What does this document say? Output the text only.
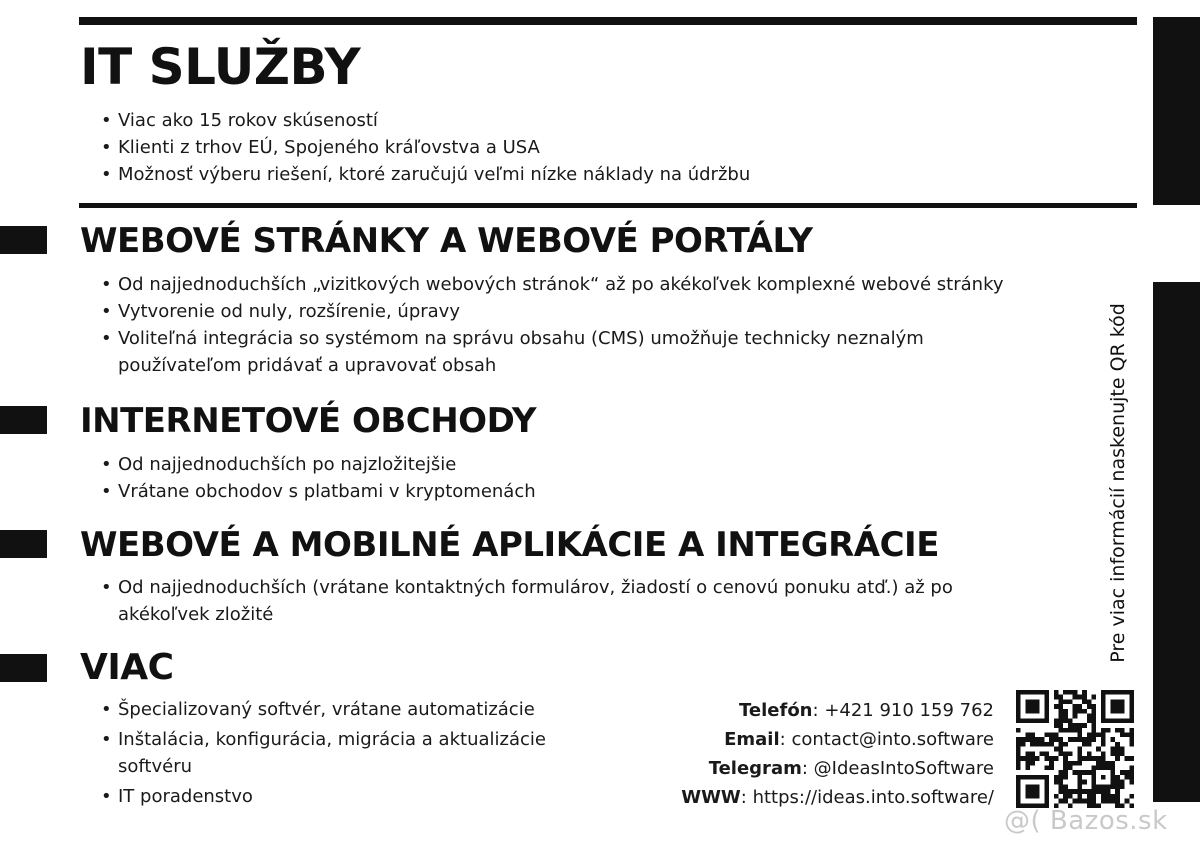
IT SLUŽBY
• Viac ako 15 rokov skúseností
• Klienti z trhov EÚ, Spojeného kráľovstva a USA
• Možnosť výberu riešení, ktoré zaručujú veľmi nízke náklady na údržbu
WEBOVÉ STRÁNKY A WEBOVÉ PORTÁLY
• Od najjednoduchších „vizitkových webových stránok“ až po akékoľvek komplexné webové stránky
• Vytvorenie od nuly, rozšírenie, úpravy
• Voliteľná integrácia so systémom na správu obsahu (CMS) umožňuje technicky neznalým používateľom pridávať a upravovať obsah
INTERNETOVÉ OBCHODY
• Od najjednoduchších po najzložitejšie
• Vrátane obchodov s platbami v kryptomenách
WEBOVÉ A MOBILNÉ APLIKÁCIE A INTEGRÁCIE
• Od najjednoduchších (vrátane kontaktných formulárov, žiadostí o cenovú ponuku atď.) až po akékoľvek zložité
VIAC
• Špecializovaný softvér, vrátane automatizácie
• Inštalácia, konfigurácia, migrácia a aktualizácie softvéru
• IT poradenstvo
Telefón: +421 910 159 762
Email: contact@into.software
Telegram: @IdeasIntoSoftware
WWW: https://ideas.into.software/
Pre viac informácií naskenujte QR kód
@( Bazos.sk
